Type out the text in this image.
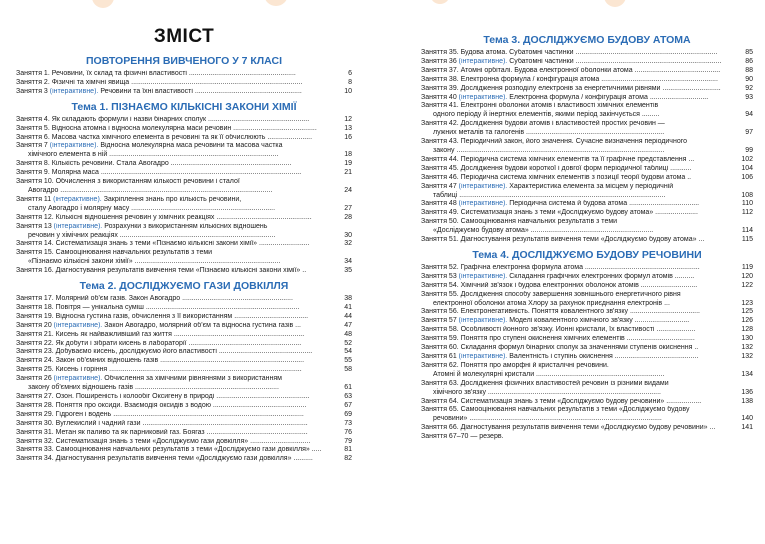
ЗМІСТ
ПОВТОРЕННЯ ВИВЧЕНОГО У 7 КЛАСІ
Заняття 1. Речовини, їх склад та фізичні властивості .......................................................	6
Заняття 2. Фізичні та хімічні явища ........................................................................................	8
Заняття 3 (інтерактивне). Речовини та їхні властивості .......................................................	10
Тема 1. ПІЗНАЄМО КІЛЬКІСНІ ЗАКОНИ ХІМІЇ
Заняття 4. Як складають формули і назви бінарних сполук ....................................................	12
Заняття 5. Відносна атомна і відносна молекулярна маси речовин ...........................................	13
Заняття 6. Масова частка хімічного елемента в речовині та як її обчислюють .......................	16
Заняття 7 (інтерактивне). Відносна молекулярна маса речовини та масова частка
хімічного елемента в ній .......................................................................................	18
Заняття 8. Кількість речовини. Стала Авогадро ..............................................................	19
Заняття 9. Молярна маса .......................................................................................................	21
Заняття 10. Обчислення з використанням кількості речовини і сталої
Авогадро .............................................................................................................	24
Заняття 11 (інтерактивне). Закріплення знань про кількість речовини,
сталу Авогадро і молярну масу ..........................................................................	27
Заняття 12. Кількісні відношення речовин у хімічних реакціях .................................................	28
Заняття 13 (інтерактивне). Розрахунки з використанням кількісних відношень
речовин у хімічних реакціях ................................................................................	30
Заняття 14. Систематизація знань з теми «Пізнаємо кількісні закони хімії» ..........................	32
Заняття 15. Самооцінювання навчальних результатів з теми
«Пізнаємо кількісні закони хімії» ...........................................................................	34
Заняття 16. Діагностування результатів вивчення теми «Пізнаємо кількісні закони хімії» ..	35
Тема 2. ДОСЛІДЖУЄМО ГАЗИ ДОВКІЛЛЯ
Заняття 17. Молярний об'єм газів. Закон Авогадро .........................................................	38
Заняття 18. Повітря — унікальна суміш ...............................................................................	41
Заняття 19. Відносна густина газів, обчислення з її використанням ......................................	44
Заняття 20 (інтерактивне). Закон Авогадро, молярний об'єм та відносна густина газів ...	47
Заняття 21. Кисень як найважливіший газ життя ...................................................................	48
Заняття 22. Як добути і зібрати кисень в лабораторії ..........................................................	52
Заняття 23. Добуваємо кисень, досліджуємо його властивості ................................................	54
Заняття 24. Закон об'ємних відношень газів ..........................................................................	55
Заняття 25. Кисень і горіння ...................................................................................................	58
Заняття 26 (інтерактивне). Обчислення за хімічними рівняннями з використанням
закону об'ємних відношень газів ..........................................................................	61
Заняття 27. Озон. Поширеність і колообіг Оксигену в природі ................................................	63
Заняття 28. Поняття про оксиди. Взаємодія оксидів з водою ................................................	67
Заняття 29. Гідроген і водень ..................................................................................................	69
Заняття 30. Вуглекислий і чадний гази .....................................................................................	73
Заняття 31. Метан як паливо та як парниковий газ. Боягаз ....................................................	76
Заняття 32. Систематизація знань з теми «Досліджуємо гази довкілля» ...............................	79
Заняття 33. Самооцінювання навчальних результатів з теми «Досліджуємо гази довкілля» .....	81
Заняття 34. Діагностування результатів вивчення теми «Досліджуємо гази довкілля» ..........	82
Тема 3. ДОСЛІДЖУЄМО БУДОВУ АТОМА
Заняття 35. Будова атома. Субатомні частинки .........................................................................	85
Заняття 36 (інтерактивне). Субатомні частинки ...........................................................................	86
Заняття 37. Атомні орбіталі. Будова електронної оболонки атома ............................................	88
Заняття 38. Електронна формула / конфігурація атома ............................................................	90
Заняття 39. Дослідження розподілу електронів за енергетичними рівнями ..............................	92
Заняття 40 (інтерактивне). Електронна формула / конфігурація атома ..............................	93
Заняття 41. Електронні оболонки атомів і властивості хімічних елементів
одного періоду й інертних елементів, якими період закінчується .........	94
Заняття 42. Дослідження будови атомів і властивостей простих речовин —
лужних металів та галогенів .......................................................................	97
Заняття 43. Періодичний закон, його значення. Сучасне визначення періодичного
закону ...........................................................................................................	99
Заняття 44. Періодична система хімічних елементів та її графічне представлення ...	102
Заняття 45. Дослідження будови короткої і довгої форм періодичної таблиці ...........	104
Заняття 46. Періодична система хімічних елементів з позиції теорії будови атома ..	106
Заняття 47 (інтерактивне). Характеристика елемента за місцем у періодичній
таблиці ..........................................................................................................	108
Заняття 48 (інтерактивне). Періодична система й будова атома ....................................	110
Заняття 49. Систематизація знань з теми «Досліджуємо будову атома» ......................	112
Заняття 50. Самооцінювання навчальних результатів з теми
«Досліджуємо будову атома» ...............................................................	114
Заняття 51. Діагностування результатів вивчення теми «Досліджуємо будову атома» ...	115
Тема 4. ДОСЛІДЖУЄМО БУДОВУ РЕЧОВИНИ
Заняття 52. Графічна електронна формула атома ...........................................................	119
Заняття 53 (інтерактивне). Складання графічних електронних формул атомів ..........	120
Заняття 54. Хімічний зв'язок і будова електронних оболонок атомів .............................	122
Заняття 55. Дослідження способу завершення зовнішнього енергетичного рівня
електронної оболонки атома Хлору за рахунок приєднання електронів ...	123
Заняття 56. Електронегативність. Поняття ковалентного зв'язку ....................................	125
Заняття 57 (інтерактивне). Моделі ковалентного хімічного зв'язку ............................	126
Заняття 58. Особливості йонного зв'язку. Йонні кристали, їх властивості ....................	128
Заняття 59. Поняття про ступені окиснення хімічних елементів ...................................	130
Заняття 60. Складання формул бінарних сполук за значеннями ступенів окиснення ..	132
Заняття 61 (інтерактивне). Валентність і ступінь окиснення ...........................................	132
Заняття 62. Поняття про аморфні й кристалічні речовини.
Атомні й молекулярні кристали ..................................................................	134
Заняття 63. Дослідження фізичних властивостей речовин із різними видами
хімічного зв'язку .........................................................................................	136
Заняття 64. Систематизація знань з теми «Досліджуємо будову речовини» ..................	138
Заняття 65. Самооцінювання навчальних результатів з теми «Досліджуємо будову
речовини» ...................................................................................................	140
Заняття 66. Діагностування результатів вивчення теми «Досліджуємо будову речовини» ...	141
Заняття 67–70 — резерв.
